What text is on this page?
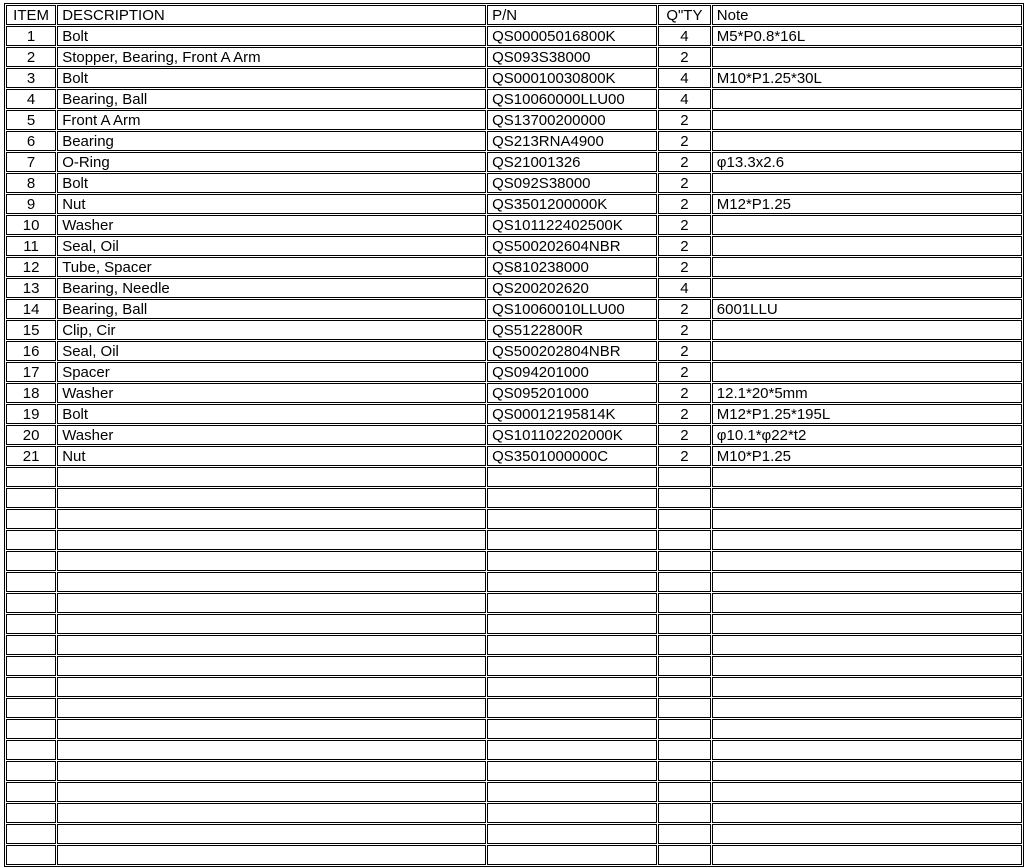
ITEM	DESCRIPTION	P/N	Q"TY	Note
1	Bolt	QS00005016800K	4	M5*P0.8*16L
2	Stopper, Bearing, Front A Arm	QS093S38000	2	
3	Bolt	QS00010030800K	4	M10*P1.25*30L
4	Bearing, Ball	QS10060000LLU00	4	
5	Front A Arm	QS13700200000	2	
6	Bearing	QS213RNA4900	2	
7	O-Ring	QS21001326	2	φ13.3x2.6
8	Bolt	QS092S38000	2	
9	Nut	QS3501200000K	2	M12*P1.25
10	Washer	QS101122402500K	2	
11	Seal, Oil	QS500202604NBR	2	
12	Tube, Spacer	QS810238000	2	
13	Bearing, Needle	QS200202620	4	
14	Bearing, Ball	QS10060010LLU00	2	6001LLU
15	Clip, Cir	QS5122800R	2	
16	Seal, Oil	QS500202804NBR	2	
17	Spacer	QS094201000	2	
18	Washer	QS095201000	2	12.1*20*5mm
19	Bolt	QS00012195814K	2	M12*P1.25*195L
20	Washer	QS101102202000K	2	φ10.1*φ22*t2
21	Nut	QS3501000000C	2	M10*P1.25
